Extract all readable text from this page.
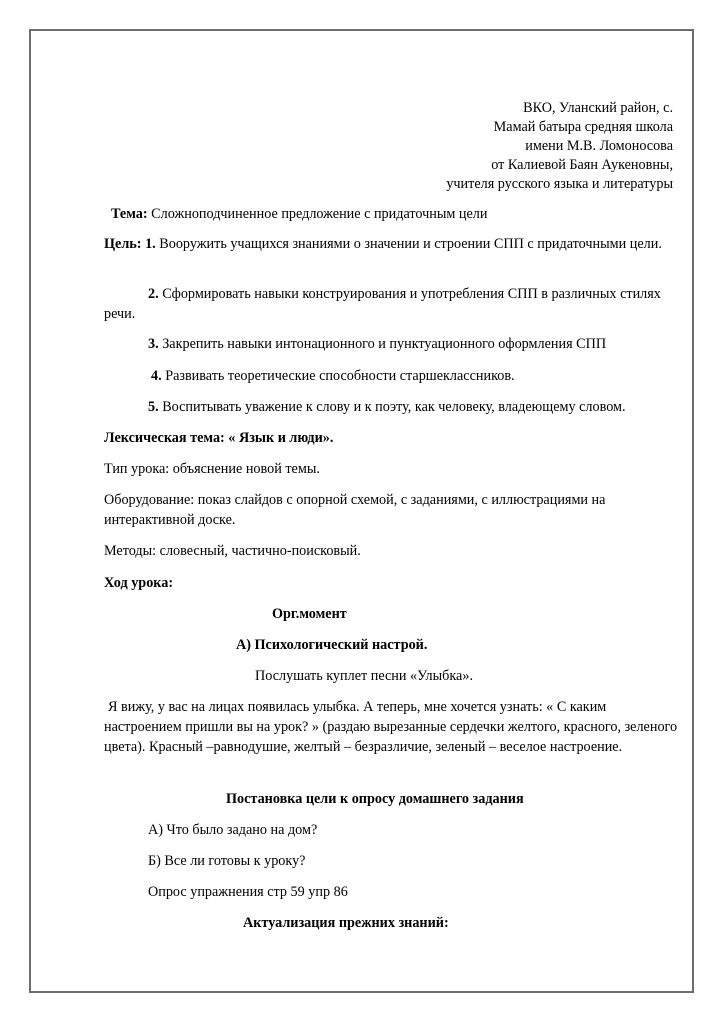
ВКО, Уланский район, с.
Мамай батыра средняя школа
имени М.В. Ломоносова
от Калиевой Баян Аукеновны,
учителя русского языка и литературы
Тема: Сложноподчиненное предложение с придаточным цели
Цель: 1. Вооружить учащихся знаниями о значении и строении СПП с придаточными цели.
2. Сформировать навыки конструирования и употребления СПП в различных стилях речи.
3. Закрепить навыки интонационного и пунктуационного оформления СПП
4. Развивать теоретические способности старшеклассников.
5. Воспитывать уважение к слову и к поэту, как человеку, владеющему словом.
Лексическая тема: « Язык и люди».
Тип урока: объяснение новой темы.
Оборудование: показ слайдов с опорной схемой, с заданиями, с иллюстрациями на интерактивной доске.
Методы: словесный, частично-поисковый.
Ход урока:
Орг.момент
А) Психологический настрой.
Послушать куплет песни «Улыбка».
Я вижу, у вас на лицах появилась улыбка. А теперь, мне хочется узнать: « С каким настроением пришли вы на урок? » (раздаю вырезанные сердечки желтого, красного, зеленого цвета). Красный –равнодушие, желтый – безразличие, зеленый – веселое настроение.
Постановка цели к опросу домашнего задания
А) Что было задано на дом?
Б) Все ли готовы к уроку?
Опрос упражнения стр 59 упр 86
Актуализация прежних знаний:
